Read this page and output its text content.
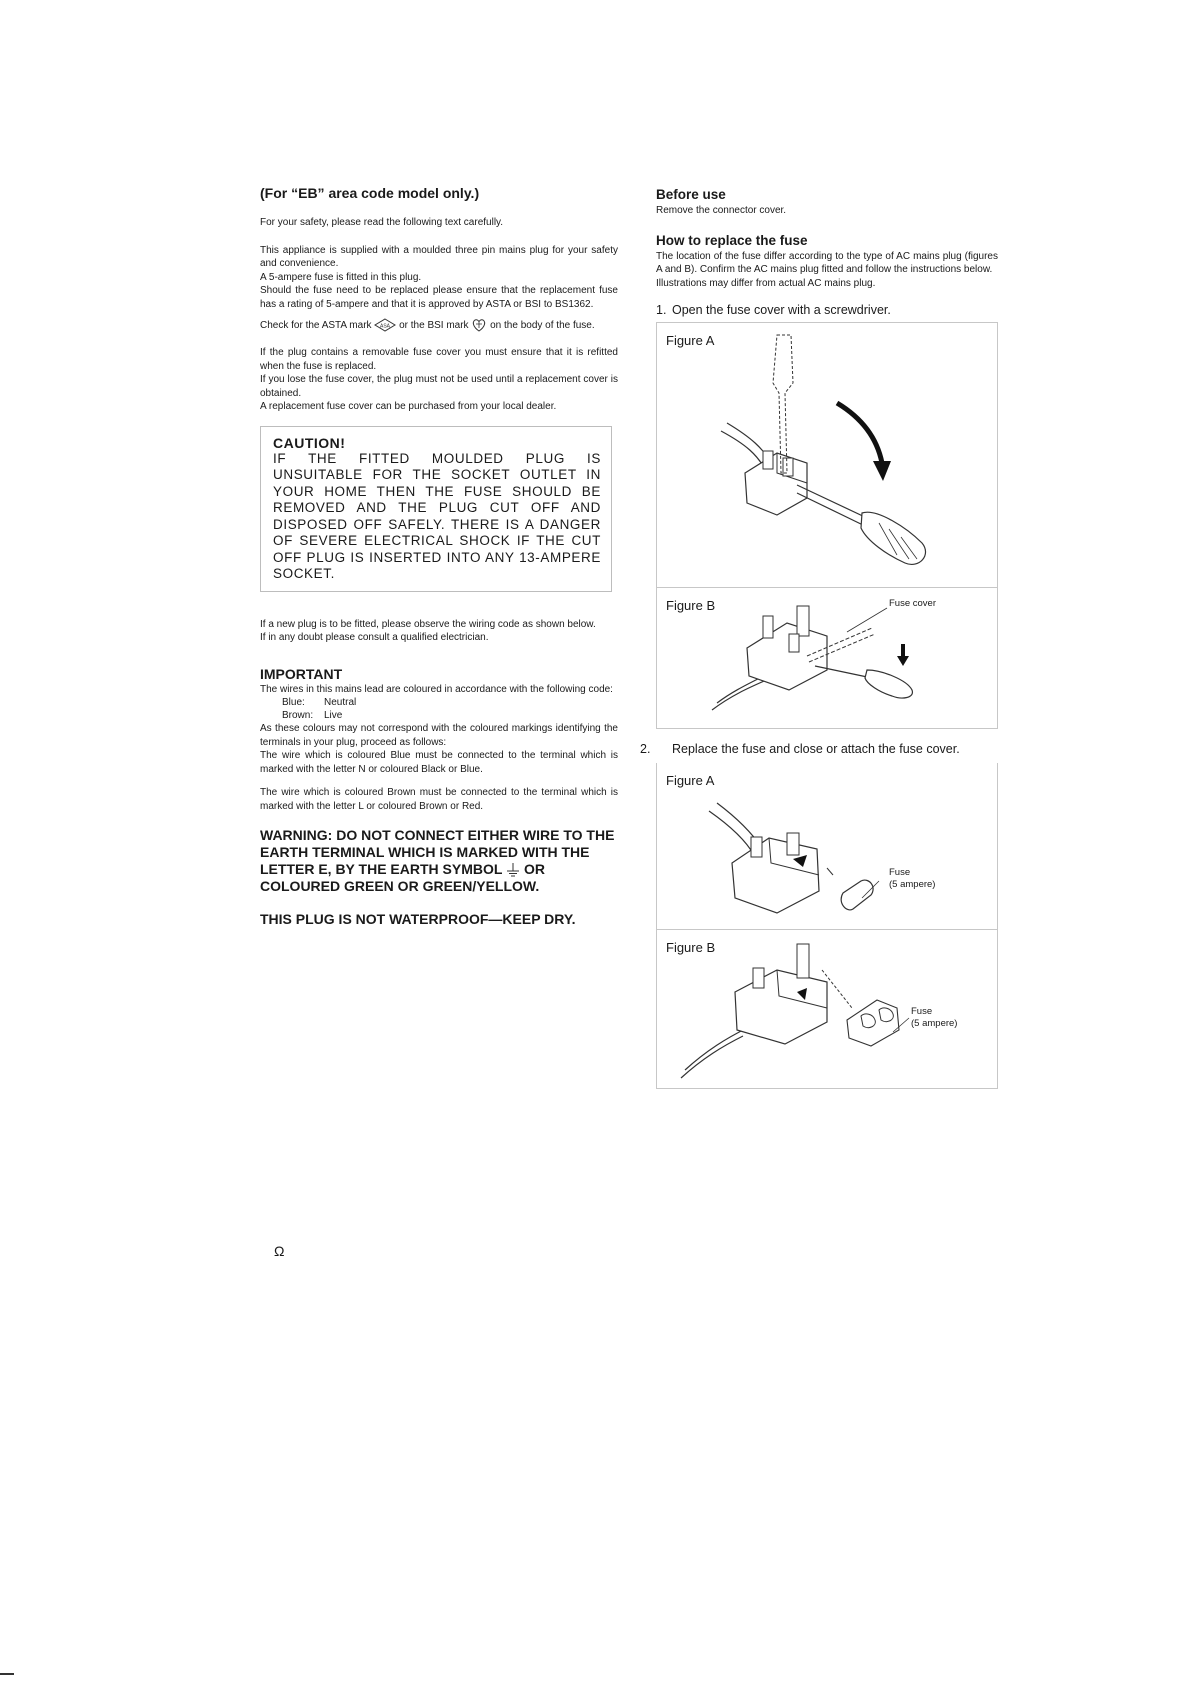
(For “EB” area code model only.)

For your safety, please read the following text carefully.

This appliance is supplied with a moulded three pin mains plug for your safety and convenience.

A 5-ampere fuse is fitted in this plug.

Should the fuse need to be replaced please ensure that the replacement fuse has a rating of 5-ampere and that it is approved by ASTA or BSI to BS1362.

Check for the ASTA mark ASA or the BSI mark on the body of the fuse.

If the plug contains a removable fuse cover you must ensure that it is refitted when the fuse is replaced.

If you lose the fuse cover, the plug must not be used until a replacement cover is obtained.

A replacement fuse cover can be purchased from your local dealer.

CAUTION!

IF THE FITTED MOULDED PLUG IS UNSUITABLE FOR THE SOCKET OUTLET IN YOUR HOME THEN THE FUSE SHOULD BE REMOVED AND THE PLUG CUT OFF AND DISPOSED OFF SAFELY. THERE IS A DANGER OF SEVERE ELECTRICAL SHOCK IF THE CUT OFF PLUG IS INSERTED INTO ANY 13-AMPERE SOCKET.

If a new plug is to be fitted, please observe the wiring code as shown below.

If in any doubt please consult a qualified electrician.

IMPORTANT

The wires in this mains lead are coloured in accordance with the following code:

Blue:	Neutral
Brown:	Live

As these colours may not correspond with the coloured markings identifying the terminals in your plug, proceed as follows:

The wire which is coloured Blue must be connected to the terminal which is marked with the letter N or coloured Black or Blue.

The wire which is coloured Brown must be connected to the terminal which is marked with the letter L or coloured Brown or Red.

WARNING: DO NOT CONNECT EITHER WIRE TO THE EARTH TERMINAL WHICH IS MARKED WITH THE LETTER E, BY THE EARTH SYMBOL OR COLOURED GREEN OR GREEN/YELLOW.

THIS PLUG IS NOT WATERPROOF—KEEP DRY.

Before use

Remove the connector cover.

How to replace the fuse

The location of the fuse differ according to the type of AC mains plug (figures A and B). Confirm the AC mains plug fitted and follow the instructions below.

Illustrations may differ from actual AC mains plug.

1. Open the fuse cover with a screwdriver.

Figure A
Figure B	Fuse cover

2. Replace the fuse and close or attach the fuse cover.

Figure A
Fuse
(5 ampere)
Figure B
Fuse
(5 ampere)
Ω
